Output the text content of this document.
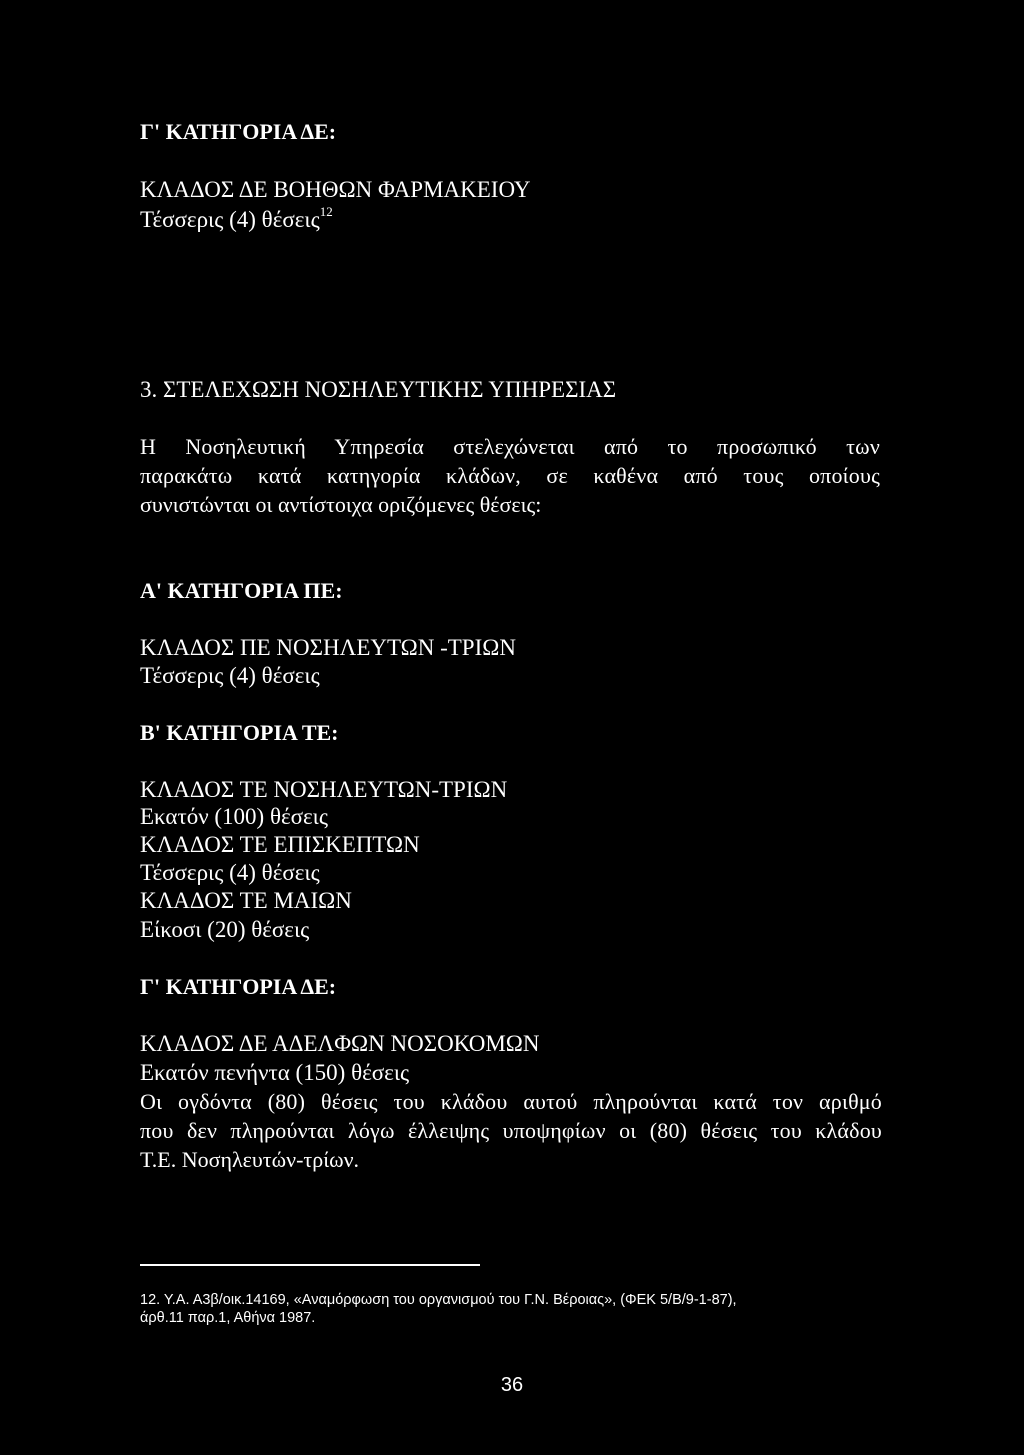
Γ' ΚΑΤΗΓΟΡΙΑ ΔΕ:
ΚΛΑΔΟΣ ΔΕ ΒΟΗΘΩΝ ΦΑΡΜΑΚΕΙΟΥ
Τέσσερις (4) θέσεις$^{12}$
3. ΣΤΕΛΕΧΩΣΗ ΝΟΣΗΛΕΥΤΙΚΗΣ ΥΠΗΡΕΣΙΑΣ
Η Νοσηλευτική Υπηρεσία στελεχώνεται από το προσωπικό των
παρακάτω κατά κατηγορία κλάδων, σε καθένα από τους οποίους
συνιστώνται οι αντίστοιχα οριζόμενες θέσεις:
Α' ΚΑΤΗΓΟΡΙΑ ΠΕ:
ΚΛΑΔΟΣ ΠΕ ΝΟΣΗΛΕΥΤΩΝ -ΤΡΙΩΝ
Τέσσερις (4) θέσεις
Β' ΚΑΤΗΓΟΡΙΑ ΤΕ:
ΚΛΑΔΟΣ ΤΕ ΝΟΣΗΛΕΥΤΩΝ-ΤΡΙΩΝ
Εκατόν (100) θέσεις
ΚΛΑΔΟΣ ΤΕ ΕΠΙΣΚΕΠΤΩΝ
Τέσσερις (4) θέσεις
ΚΛΑΔΟΣ ΤΕ ΜΑΙΩΝ
Είκοσι (20) θέσεις
Γ' ΚΑΤΗΓΟΡΙΑ ΔΕ:
ΚΛΑΔΟΣ ΔΕ ΑΔΕΛΦΩΝ ΝΟΣΟΚΟΜΩΝ
Εκατόν πενήντα (150) θέσεις
Οι ογδόντα (80) θέσεις του κλάδου αυτού πληρούνται κατά τον αριθμό
που δεν πληρούνται λόγω έλλειψης υποψηφίων οι (80) θέσεις του κλάδου
Τ.Ε. Νοσηλευτών-τρίων.
12. Υ.Α. Α3β/οικ.14169, «Αναμόρφωση του οργανισμού του Γ.Ν. Βέροιας», (ΦΕΚ 5/Β/9-1-87),
άρθ.11 παρ.1, Αθήνα 1987.
36
